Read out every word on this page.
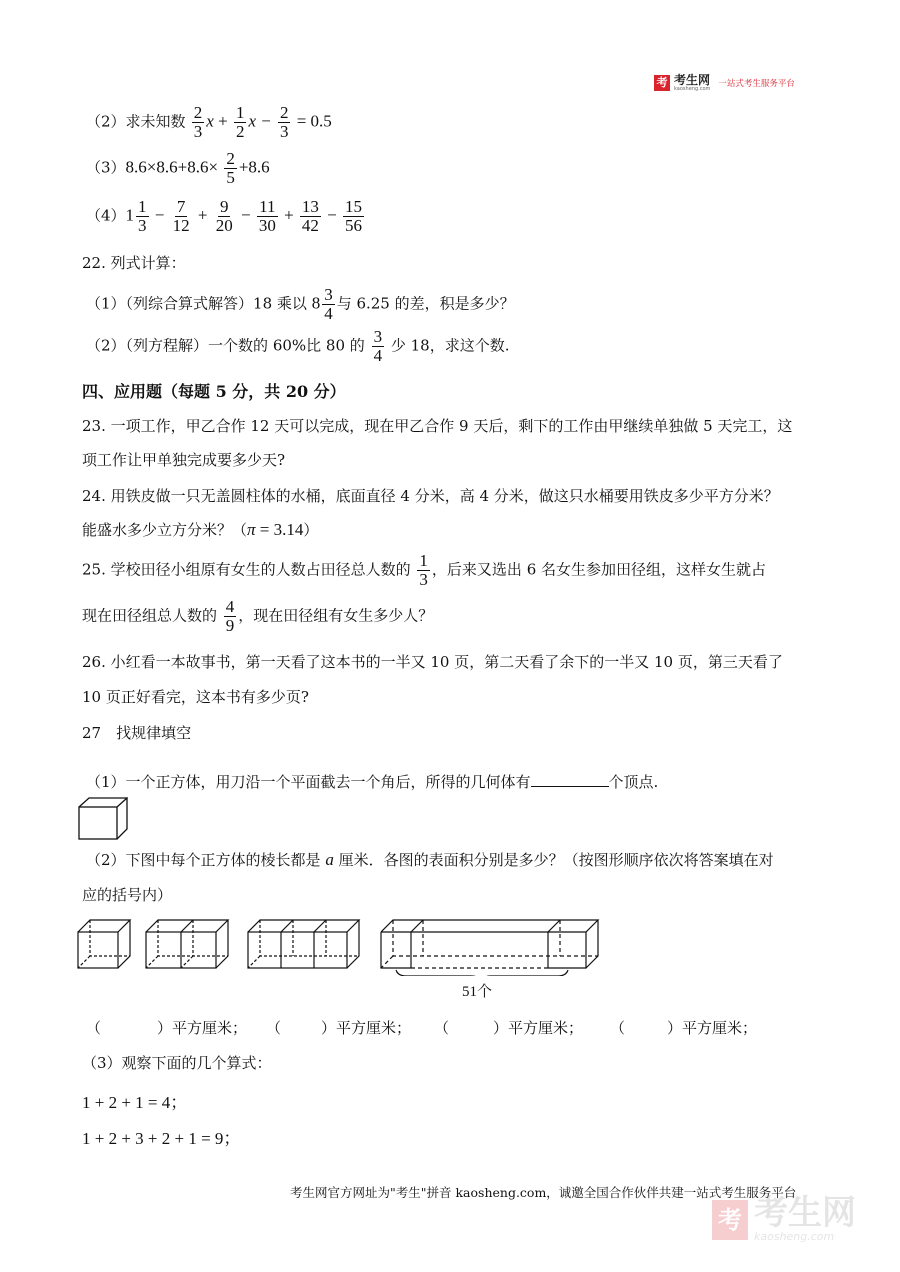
考 考生网
kaosheng.com 一站式考生服务平台
（2）求未知数 $\frac{2}{3}$ $x + \frac{1}{2}$ $x - \frac{2}{3} = 0.5$
$(3)8.6\times 8.6+8.6\times \frac{2}{5} +8.6$
$(4)1 \frac{1}{3} - \frac{7}{12} + \frac{9}{20} - \frac{11}{30} + \frac{13}{42} - \frac{15}{56}$
22. 列式计算：
（1）（列综合算式解答）18 乘以 $8 \frac{3}{4}$ 与 6.25 的差，积是多少？
（2）（列方程解）一个数的 60%比 80 的 $\frac{3}{4}$ 少 18，求这个数.
四、应用题（每题 5 分，共 20 分）
23. 一项工作，甲乙合作 12 天可以完成，现在甲乙合作 9 天后，剩下的工作由甲继续单独做 5 天完工，这
项工作让甲单独完成要多少天?
24. 用铁皮做一只无盖圆柱体的水桶，底面直径 4 分米，高 4 分米，做这只水桶要用铁皮多少平方分米？
能盛水多少立方分米？（π = 3.14）
25. 学校田径小组原有女生的人数占田径总人数的 $\frac{1}{3}$ ，后来又选出 6 名女生参加田径组，这样女生就占
现在田径组总人数的 $\frac{4}{9}$ ，现在田径组有女生多少人？
26. 小红看一本故事书，第一天看了这本书的一半又 10 页，第二天看了余下的一半又 10 页，第三天看了
10 页正好看完，这本书有多少页?
27　找规律填空
（1）一个正方体，用刀沿一个平面截去一个角后，所得的几何体有	个顶点.
（2）下图中每个正方体的棱长都是 a 厘米．各图的表面积分别是多少？（按图形顺序依次将答案填在对
应的括号内）
51个
（	）平方厘米； （	）平方厘米； （	）平方厘米； （	）平方厘米；
（3）观察下面的几个算式：
1 + 2 + 1 = 4；
1 + 2 + 3 + 2 + 1 = 9；
考生网官方网址为"考生"拼音 kaosheng.com，诚邀全国合作伙伴共建一站式考生服务平台
考 考生网
kaosheng.com
